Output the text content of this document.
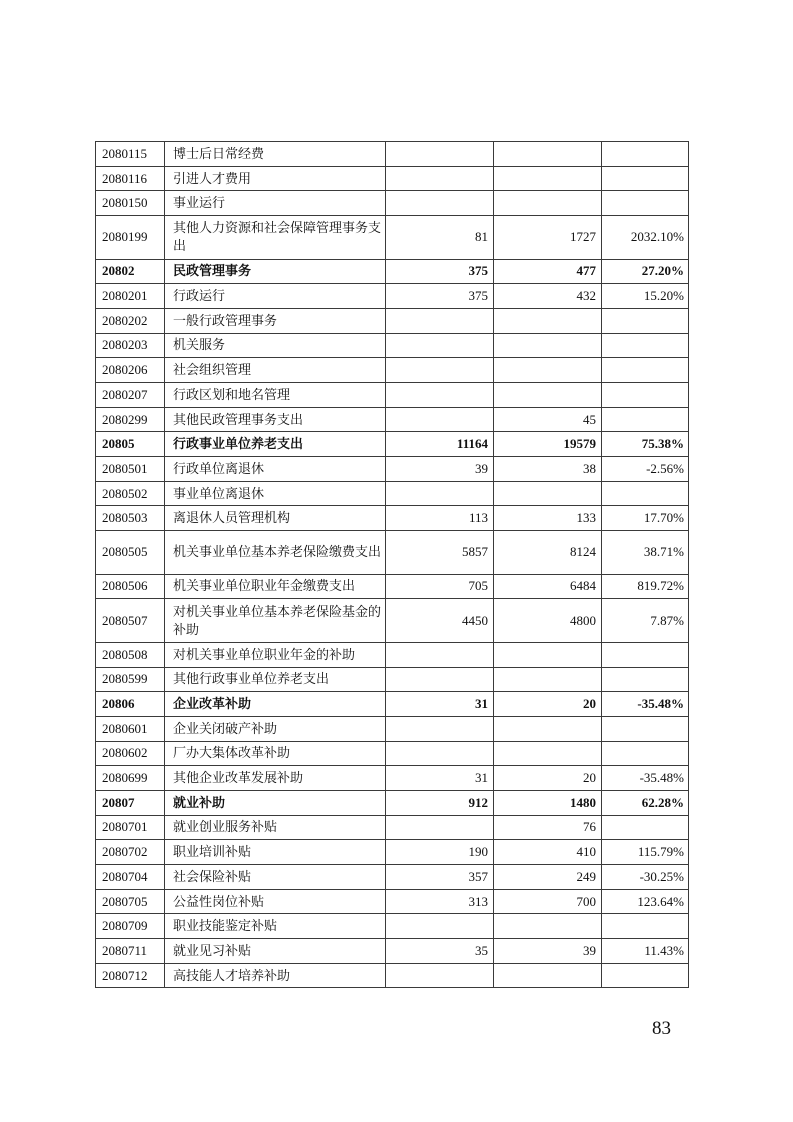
2080115	博士后日常经费			
2080116	引进人才费用			
2080150	事业运行			
2080199	其他人力资源和社会保障管理事务支出	81	1727	2032.10%
20802	民政管理事务	375	477	27.20%
2080201	行政运行	375	432	15.20%
2080202	一般行政管理事务			
2080203	机关服务			
2080206	社会组织管理			
2080207	行政区划和地名管理			
2080299	其他民政管理事务支出		45	
20805	行政事业单位养老支出	11164	19579	75.38%
2080501	行政单位离退休	39	38	-2.56%
2080502	事业单位离退休			
2080503	离退休人员管理机构	113	133	17.70%
2080505	机关事业单位基本养老保险缴费支出	5857	8124	38.71%
2080506	机关事业单位职业年金缴费支出	705	6484	819.72%
2080507	对机关事业单位基本养老保险基金的补助	4450	4800	7.87%
2080508	对机关事业单位职业年金的补助			
2080599	其他行政事业单位养老支出			
20806	企业改革补助	31	20	-35.48%
2080601	企业关闭破产补助			
2080602	厂办大集体改革补助			
2080699	其他企业改革发展补助	31	20	-35.48%
20807	就业补助	912	1480	62.28%
2080701	就业创业服务补贴		76	
2080702	职业培训补贴	190	410	115.79%
2080704	社会保险补贴	357	249	-30.25%
2080705	公益性岗位补贴	313	700	123.64%
2080709	职业技能鉴定补贴			
2080711	就业见习补贴	35	39	11.43%
2080712	高技能人才培养补助			
83
